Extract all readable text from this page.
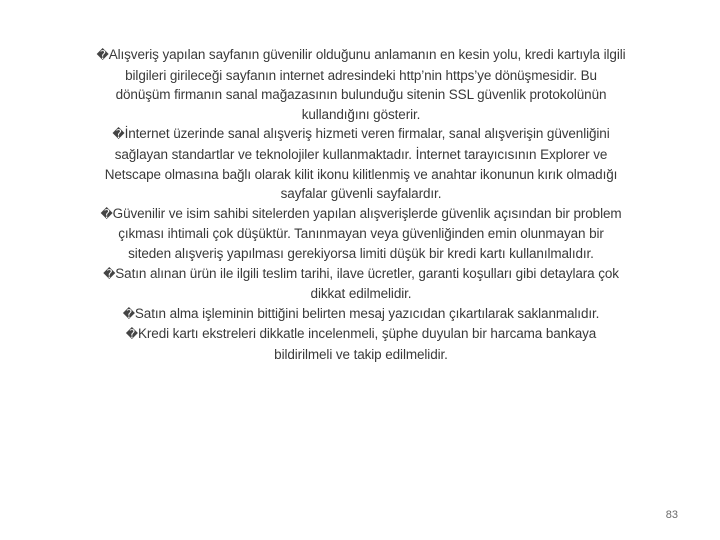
�Alışveriş yapılan sayfanın güvenilir olduğunu anlamanın en kesin yolu, kredi kartıyla ilgili bilgileri girileceği sayfanın internet adresindeki http’nin https’ye dönüşmesidir. Bu dönüşüm firmanın sanal mağazasının bulunduğu sitenin SSL güvenlik protokolünün kullandığını gösterir.

�İnternet üzerinde sanal alışveriş hizmeti veren firmalar, sanal alışverişin güvenliğini sağlayan standartlar ve teknolojiler kullanmaktadır. İnternet tarayıcısının Explorer ve Netscape olmasına bağlı olarak kilit ikonu kilitlenmiş ve anahtar ikonunun kırık olmadığı sayfalar güvenli sayfalardır.

�Güvenilir ve isim sahibi sitelerden yapılan alışverişlerde güvenlik açısından bir problem çıkması ihtimali çok düşüktür. Tanınmayan veya güvenliğinden emin olunmayan bir siteden alışveriş yapılması gerekiyorsa limiti düşük bir kredi kartı kullanılmalıdır.

�Satın alınan ürün ile ilgili teslim tarihi, ilave ücretler, garanti koşulları gibi detaylara çok dikkat edilmelidir.

�Satın alma işleminin bittiğini belirten mesaj yazıcıdan çıkartılarak saklanmalıdır.

�Kredi kartı ekstreleri dikkatle incelenmeli, şüphe duyulan bir harcama bankaya bildirilmeli ve takip edilmelidir.

83
